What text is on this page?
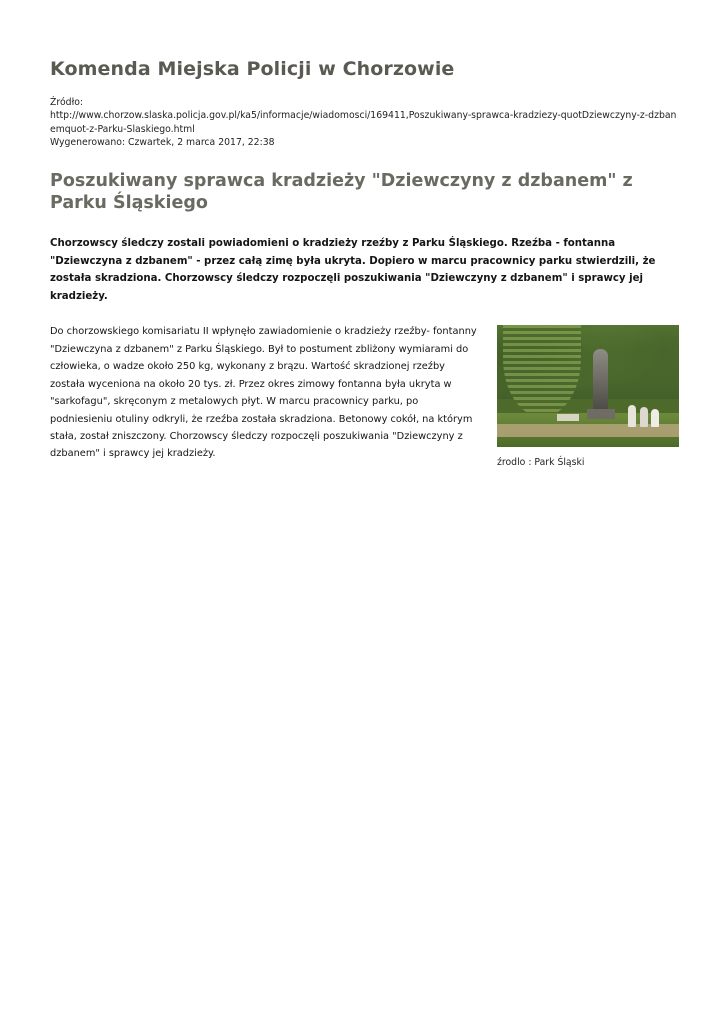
Komenda Miejska Policji w Chorzowie
Źródło:
http://www.chorzow.slaska.policja.gov.pl/ka5/informacje/wiadomosci/169411,Poszukiwany-sprawca-kradziezy-quotDziewczyny-z-dzbanemquot-z-Parku-Slaskiego.html
Wygenerowano: Czwartek, 2 marca 2017, 22:38
Poszukiwany sprawca kradzieży "Dziewczyny z dzbanem" z Parku Śląskiego

Chorzowscy śledczy zostali powiadomieni o kradzieży rzeźby z Parku Śląskiego. Rzeźba - fontanna "Dziewczyna z dzbanem" - przez całą zimę była ukryta. Dopiero w marcu pracownicy parku stwierdzili, że została skradziona. Chorzowscy śledczy rozpoczęli poszukiwania "Dziewczyny z dzbanem" i sprawcy jej kradzieży.

źrodlo : Park Śląski

Do chorzowskiego komisariatu II wpłynęło zawiadomienie o kradzieży rzeźby- fontanny "Dziewczyna z dzbanem" z Parku Śląskiego. Był to postument zbliżony wymiarami do człowieka, o wadze około 250 kg, wykonany z brązu. Wartość skradzionej rzeźby została wyceniona na około 20 tys. zł. Przez okres zimowy fontanna była ukryta w "sarkofagu", skręconym z metalowych płyt. W marcu pracownicy parku, po podniesieniu otuliny odkryli, że rzeźba została skradziona. Betonowy cokół, na którym stała, został zniszczony. Chorzowscy śledczy rozpoczęli poszukiwania "Dziewczyny z dzbanem" i sprawcy jej kradzieży.
